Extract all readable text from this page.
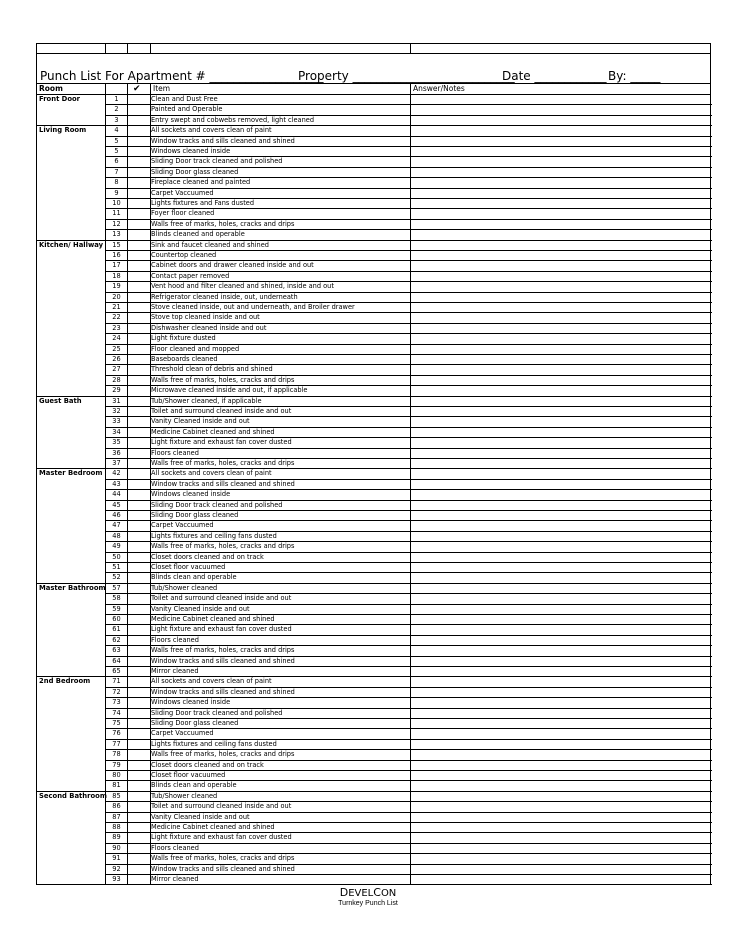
Punch List For Apartment # ___________________
Property ___________________________
Date ____________ By: _____
Room	✔ Item	Answer/Notes
Front Door	1	Clean and Dust Free
2	Painted and Operable
3	Entry swept and cobwebs removed, light cleaned
Living Room	4	All sockets and covers clean of paint
5	Window tracks and sills cleaned and shined
5	Windows cleaned inside
6	Sliding Door track cleaned and polished
7	Sliding Door glass cleaned
8	Fireplace cleaned and painted
9	Carpet Vaccuumed
10	Lights fixtures and Fans dusted
11	Foyer floor cleaned
12	Walls free of marks, holes, cracks and drips
13	Blinds cleaned and operable
Kitchen/ Hallway	15	Sink and faucet cleaned and shined
16	Countertop cleaned
17	Cabinet doors and drawer cleaned inside and out
18	Contact paper removed
19	Vent hood and filter cleaned and shined, inside and out
20	Refrigerator cleaned inside, out, underneath
21	Stove cleaned inside, out and underneath, and Broiler drawer
22	Stove top cleaned inside and out
23	Dishwasher cleaned inside and out
24	Light fixture dusted
25	Floor cleaned and mopped
26	Baseboards cleaned
27	Threshold clean of debris and shined
28	Walls free of marks, holes, cracks and drips
29	Microwave cleaned inside and out, if applicable
Guest Bath	31	Tub/Shower cleaned, if applicable
32	Toilet and surround cleaned inside and out
33	Vanity Cleaned inside and out
34	Medicine Cabinet cleaned and shined
35	Light fixture and exhaust fan cover dusted
36	Floors cleaned
37	Walls free of marks, holes, cracks and drips
Master Bedroom	42	All sockets and covers clean of paint
43	Window tracks and sills cleaned and shined
44	Windows cleaned inside
45	Sliding Door track cleaned and polished
46	Sliding Door glass cleaned
47	Carpet Vaccuumed
48	Lights fixtures and ceiling fans dusted
49	Walls free of marks, holes, cracks and drips
50	Closet doors cleaned and on track
51	Closet floor vacuumed
52	Blinds clean and operable
Master Bathroom	57	Tub/Shower cleaned
58	Toilet and surround cleaned inside and out
59	Vanity Cleaned inside and out
60	Medicine Cabinet cleaned and shined
61	Light fixture and exhaust fan cover dusted
62	Floors cleaned
63	Walls free of marks, holes, cracks and drips
64	Window tracks and sills cleaned and shined
65	Mirror cleaned
2nd Bedroom	71	All sockets and covers clean of paint
72	Window tracks and sills cleaned and shined
73	Windows cleaned inside
74	Sliding Door track cleaned and polished
75	Sliding Door glass cleaned
76	Carpet Vaccuumed
77	Lights fixtures and ceiling fans dusted
78	Walls free of marks, holes, cracks and drips
79	Closet doors cleaned and on track
80	Closet floor vacuumed
81	Blinds clean and operable
Second Bathroom 85	Tub/Shower cleaned
86	Toilet and surround cleaned inside and out
87	Vanity Cleaned inside and out
88	Medicine Cabinet cleaned and shined
89	Light fixture and exhaust fan cover dusted
90	Floors cleaned
91	Walls free of marks, holes, cracks and drips
92	Window tracks and sills cleaned and shined
93	Mirror cleaned
DEVELCON
Turnkey Punch List
